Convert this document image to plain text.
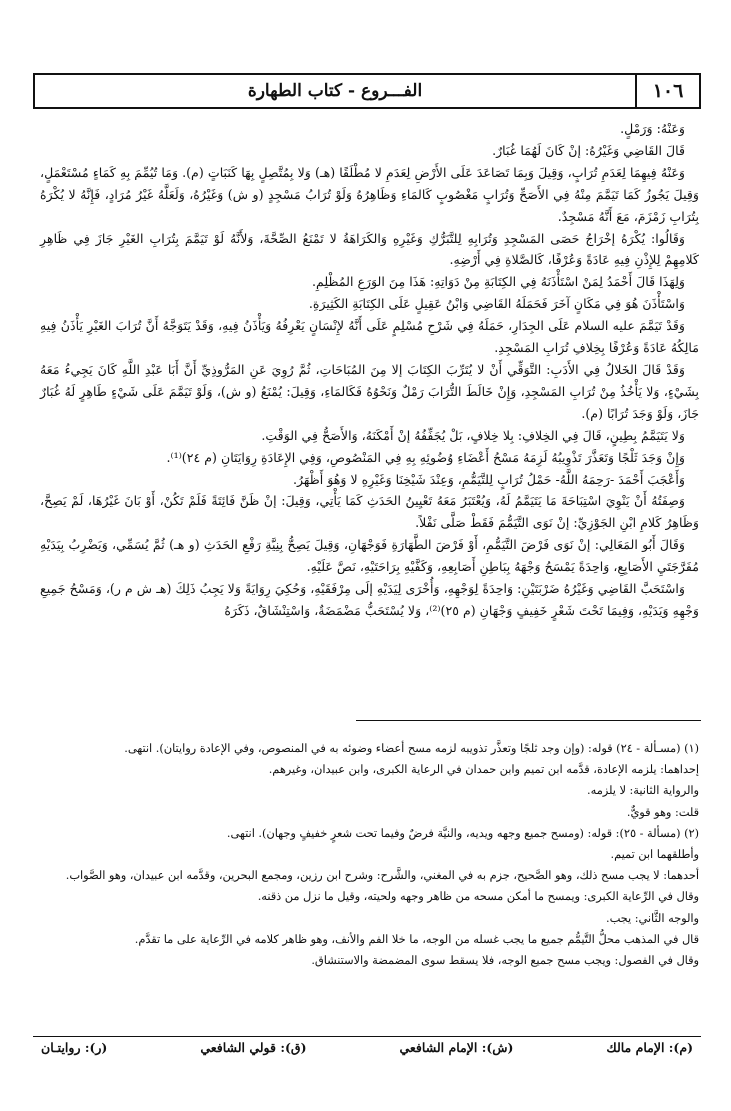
١٠٦
الفـــروع - كتاب الطهارة

وَعَنْهُ: وَرَمْلٍ.

قَالَ القَاضِي وَغَيْرُهُ: إنْ كَانَ لَهُمَا غُبَارٌ.

وَعَنْهُ فِيهِمَا لِعَدَمِ تُرَابٍ، وَقِيلَ وَبِمَا تَصَاعَدَ عَلَى الأَرْضِ لِعَدَمِ لا مُطْلَقًا (هـ) وَلا بِمُتَّصِلٍ بِهَا كَنَبَاتٍ (م). وَمَا تُيُمِّمَ بِهِ كَمَاءٍ مُسْتَعْمَلٍ، وَقِيلَ يَجُوزُ كَمَا تَيَمَّمَ مِنْهُ فِي الأَصَحِّ وَتُرَابٍ مَغْصُوبٍ كَالمَاءِ وَظَاهِرُهُ وَلَوْ تُرَابُ مَسْجِدٍ (و ش) وَغَيْرُهُ، وَلَعَلَّهُ غَيْرُ مُرَادٍ، فَإِنَّهُ لا يُكْرَهُ بِتُرَابِ زَمْزَمَ، مَعَ أَنَّهُ مَسْجِدٌ.

وَقَالُوا: يُكْرَهُ إخْرَاجُ حَصَى المَسْجِدِ وَتُرَابِهِ لِلتَّبَرُّكِ وَغَيْرِهِ وَالكَرَاهَةُ لا تَمْنَعُ الصِّحَّةَ، وَلأَنَّهُ لَوْ تَيَمَّمَ بِتُرَابِ الغَيْرِ جَازَ فِي ظَاهِرِ كَلامِهِمْ لِلإِذْنِ فِيهِ عَادَةً وَعُرْفًا، كَالصَّلاةِ فِي أَرْضِهِ.

وَلِهَذَا قَالَ أَحْمَدُ لِمَنْ اسْتَأْذَنَهُ فِي الكِتَابَةِ مِنْ دَوَاتِهِ: هَذَا مِنَ الوَرَعِ المُظْلِمِ.

وَاسْتَأْذَنَ هُوَ فِي مَكَانٍ آخَرَ فَحَمَلَهُ القَاضِي وَابْنُ عَقِيلٍ عَلَى الكِتَابَةِ الكَثِيرَةِ.

وَقَدْ تَيَمَّمَ عليه السلام عَلَى الجِدَارِ، حَمَلَهُ فِي شَرْحِ مُسْلِمٍ عَلَى أَنَّهُ لإِنْسَانٍ يَعْرِفُهُ وَيَأْذَنُ فِيهِ، وَقَدْ يَتَوَجَّهُ أَنَّ تُرَابَ الغَيْرِ يَأْذَنُ فِيهِ مَالِكُهُ عَادَةً وَعُرْفًا بِخِلافِ تُرَابِ المَسْجِدِ.

وَقَدْ قَالَ الخَلالُ فِي الأَدَبِ: التَّوَقِّي أَنْ لا يُتَرِّبَ الكِتَابَ إلا مِنَ المُبَاحَاتِ، ثُمَّ رُوِيَ عَنِ المَرُّوذِيِّ أَنَّ أَبَا عَبْدِ اللَّهِ كَانَ يَجِيءُ مَعَهُ بِشَيْءٍ، وَلا يَأْخُذُ مِنْ تُرَابِ المَسْجِدِ، وَإِنْ خَالَطَ التُّرَابَ رَمْلٌ وَنَحْوُهُ فَكَالمَاءِ، وَقِيلَ: يُمْنَعُ (و ش)، وَلَوْ تَيَمَّمَ عَلَى شَيْءٍ طَاهِرٍ لَهُ غُبَارٌ جَازَ، وَلَوْ وَجَدَ تُرَابًا (م).

وَلا يَتَيَمَّمُ بِطِينٍ، قَالَ فِي الخِلافِ: بِلا خِلافٍ، بَلْ يُجَفِّفُهُ إنْ أَمْكَنَهُ، وَالأَصَحُّ فِي الوَقْتِ.

وَإِنْ وَجَدَ ثَلْجًا وَتَعَذَّرَ تَذْوِيبُهُ لَزِمَهُ مَسْحُ أَعْضَاءِ وُضُوئِهِ بِهِ فِي المَنْصُوصِ، وَفِي الإِعَادَةِ رِوَايَتَانِ (م ٢٤)⁽¹⁾.

وَأَعْجَبَ أَحْمَدَ -رَحِمَهُ اللَّهُ- حَمْلُ تُرَابٍ لِلتَّيَمُّمِ، وَعِنْدَ شَيْخِنَا وَغَيْرِهِ لا وَهُوَ أَظْهَرُ.

وَصِفَتُهُ أَنْ يَنْوِيَ اسْتِبَاحَةَ مَا يَتَيَمَّمُ لَهُ، وَيُعْتَبَرُ مَعَهُ تَعْيِينُ الحَدَثِ كَمَا يَأْتِي، وَقِيلَ: إنْ ظَنَّ فَائِتَةً فَلَمْ تَكُنْ، أَوْ بَانَ غَيْرُهَا، لَمْ يَصِحَّ، وَظَاهِرُ كَلامِ ابْنِ الجَوْزِيِّ: إنْ نَوَى التَّيَمُّمَ فَقَطْ صَلَّى نَفْلاً.

وَقَالَ أَبُو المَعَالِي: إنْ نَوَى فَرْضَ التَّيَمُّمِ، أَوْ فَرْضَ الطَّهَارَةِ فَوَجْهَانِ، وَقِيلَ يَصِحُّ بِنِيَّةِ رَفْعِ الحَدَثِ (و هـ) ثُمَّ يُسَمِّي، وَيَضْرِبُ بِيَدَيْهِ مُفَرَّجَتَيِ الأَصَابِعِ، وَاحِدَةً يَمْسَحُ وَجْهَهُ بِبَاطِنِ أَصَابِعِهِ، وَكَفَّيْهِ بِرَاحَتَيْهِ، نَصَّ عَلَيْهِ.

وَاسْتَحَبَّ القَاضِي وَغَيْرُهُ ضَرْبَتَيْنِ: وَاحِدَةً لِوَجْهِهِ، وَأُخْرَى لِيَدَيْهِ إلَى مِرْفَقَيْهِ، وَحُكِيَ رِوَايَةً وَلا يَجِبُ ذَلِكَ (هـ ش م ر)، وَمَسْحُ جَمِيعِ وَجْهِهِ وَيَدَيْهِ، وَفِيمَا تَحْتَ شَعْرٍ خَفِيفٍ وَجْهَانِ (م ٢٥)⁽²⁾، وَلا يُسْتَحَبُّ مَضْمَضَةٌ، وَاسْتِنْشَاقٌ، ذَكَرَهُ

(١) (مسـألة - ٢٤) قوله: (وإن وجد ثلجًا وتعذَّر تذويبه لزمه مسح أعضاء وضوئه به في المنصوص، وفي الإعادة روايتان). انتهى.

إحداهما: يلزمه الإعادة، قدَّمه ابن تميم وابن حمدان في الرعاية الكبرى، وابن عبيدان، وغيرهم.

والرواية الثانية: لا يلزمه.

قلت: وهو قويٌّ.

(٢) (مسألة - ٢٥): قوله: (ومسح جميع وجهه ويديه، والنيَّة فرضٌ وفيما تحت شعرٍ خفيفٍ وجهان). انتهى.

وأطلقهما ابن تميم.

أحدهما: لا يجب مسح ذلك، وهو الصَّحيح، جزم به في المغني، والشَّرح: وشرح ابن رزين، ومجمع البحرين، وقدَّمه ابن عبيدان، وهو الصَّواب.

وقال في الرِّعاية الكبرى: ويمسح ما أمكن مسحه من ظاهر وجهه ولحيته، وقيل ما نزل من ذقنه.

والوجه الثَّاني: يجب.

قال في المذهب محلُّ التَّيمُّم جميع ما يجب غسله من الوجه، ما خلا الفم والأنف، وهو ظاهر كلامه في الرِّعاية على ما تقدَّم.

وقال في الفصول: ويجب مسح جميع الوجه، فلا يسقط سوى المضمضة والاستنشاق.

(م): الإمام مالك
(ش): الإمام الشافعي
(ق): قولي الشافعي
(ر): روايتـان
